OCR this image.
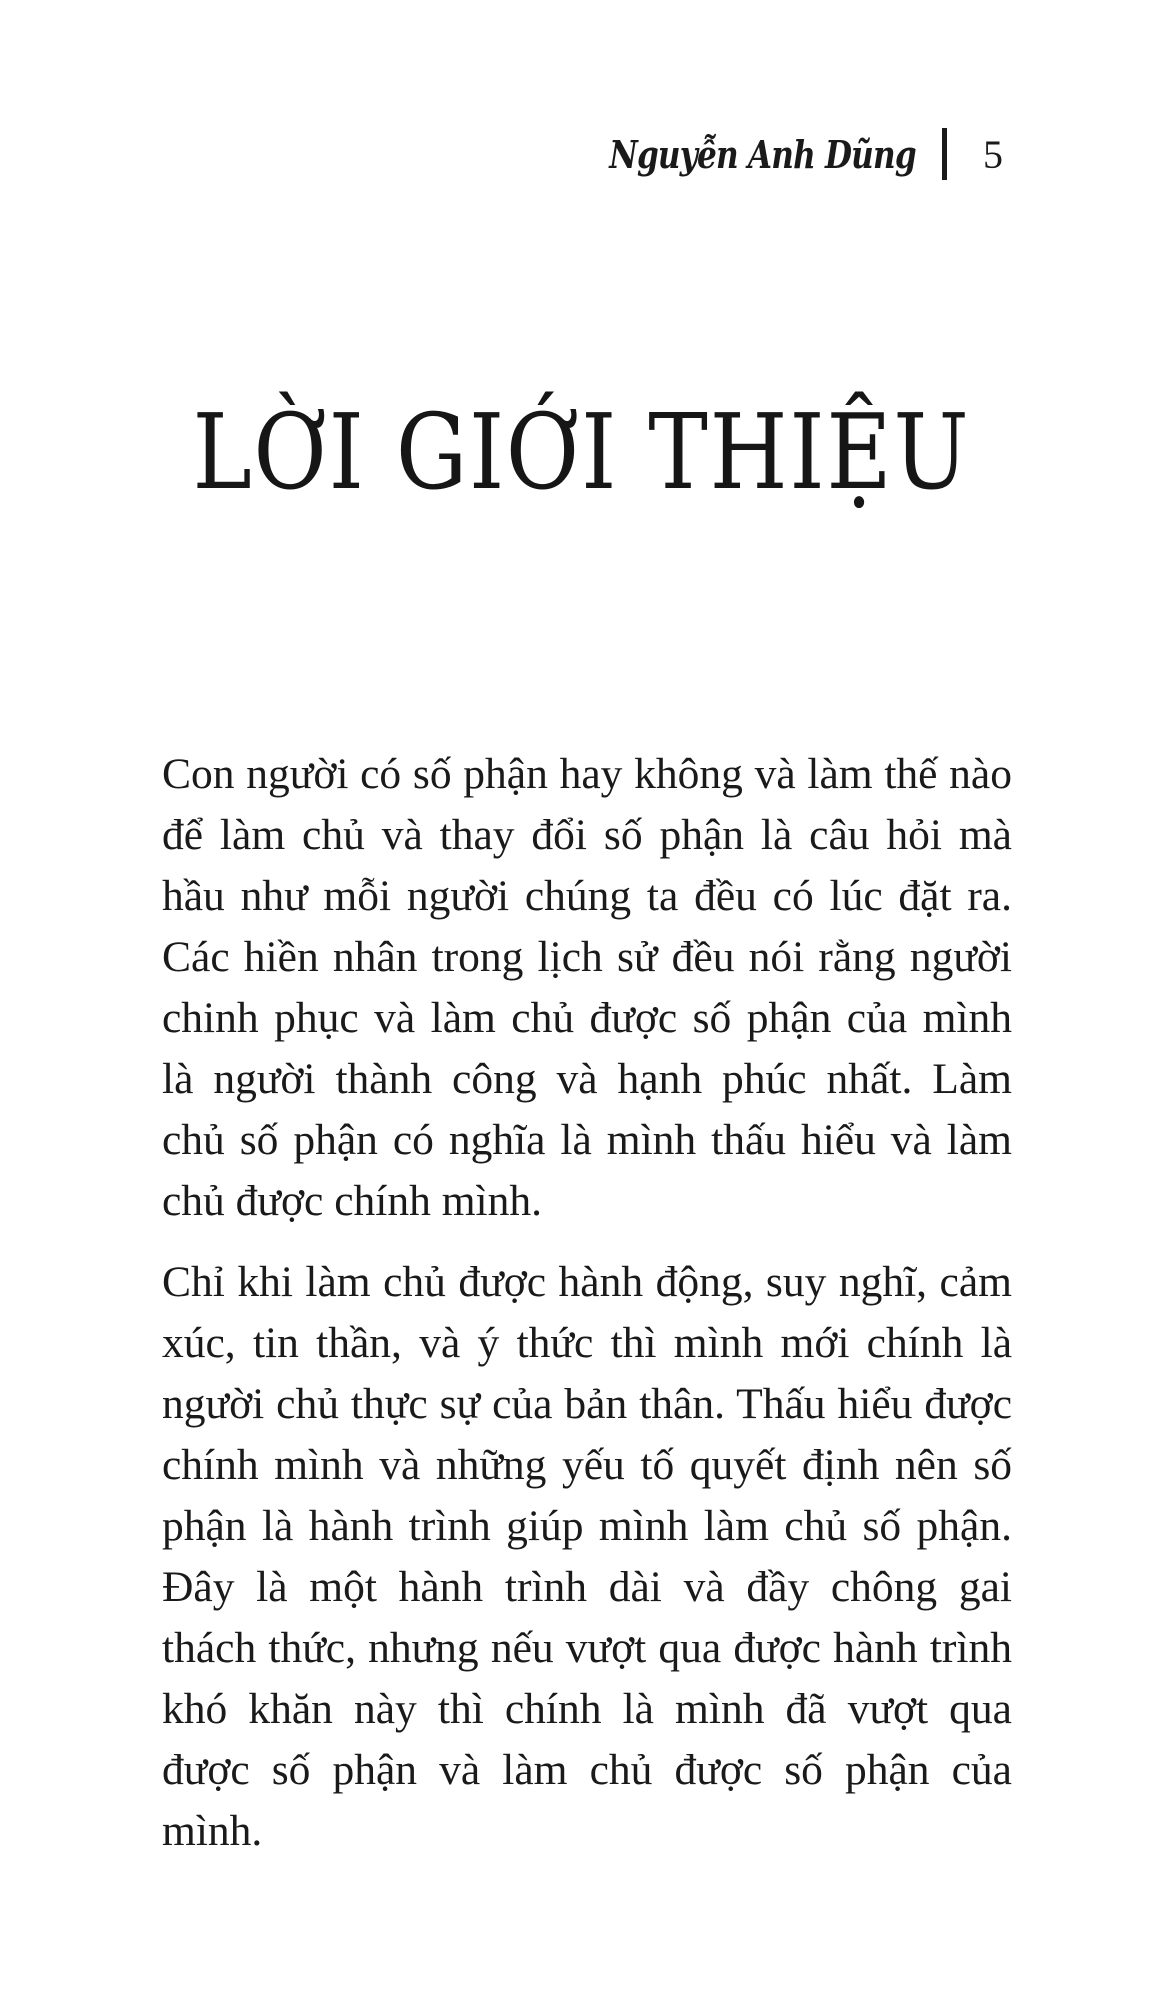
Nguyễn Anh Dũng 5
LỜI GIỚI THIỆU

Con người có số phận hay không và làm thế nào để làm chủ và thay đổi số phận là câu hỏi mà hầu như mỗi người chúng ta đều có lúc đặt ra. Các hiền nhân trong lịch sử đều nói rằng người chinh phục và làm chủ được số phận của mình là người thành công và hạnh phúc nhất. Làm chủ số phận có nghĩa là mình thấu hiểu và làm chủ được chính mình.

Chỉ khi làm chủ được hành động, suy nghĩ, cảm xúc, tin thần, và ý thức thì mình mới chính là người chủ thực sự của bản thân. Thấu hiểu được chính mình và những yếu tố quyết định nên số phận là hành trình giúp mình làm chủ số phận. Đây là một hành trình dài và đầy chông gai thách thức, nhưng nếu vượt qua được hành trình khó khăn này thì chính là mình đã vượt qua được số phận và làm chủ được số phận của mình.
